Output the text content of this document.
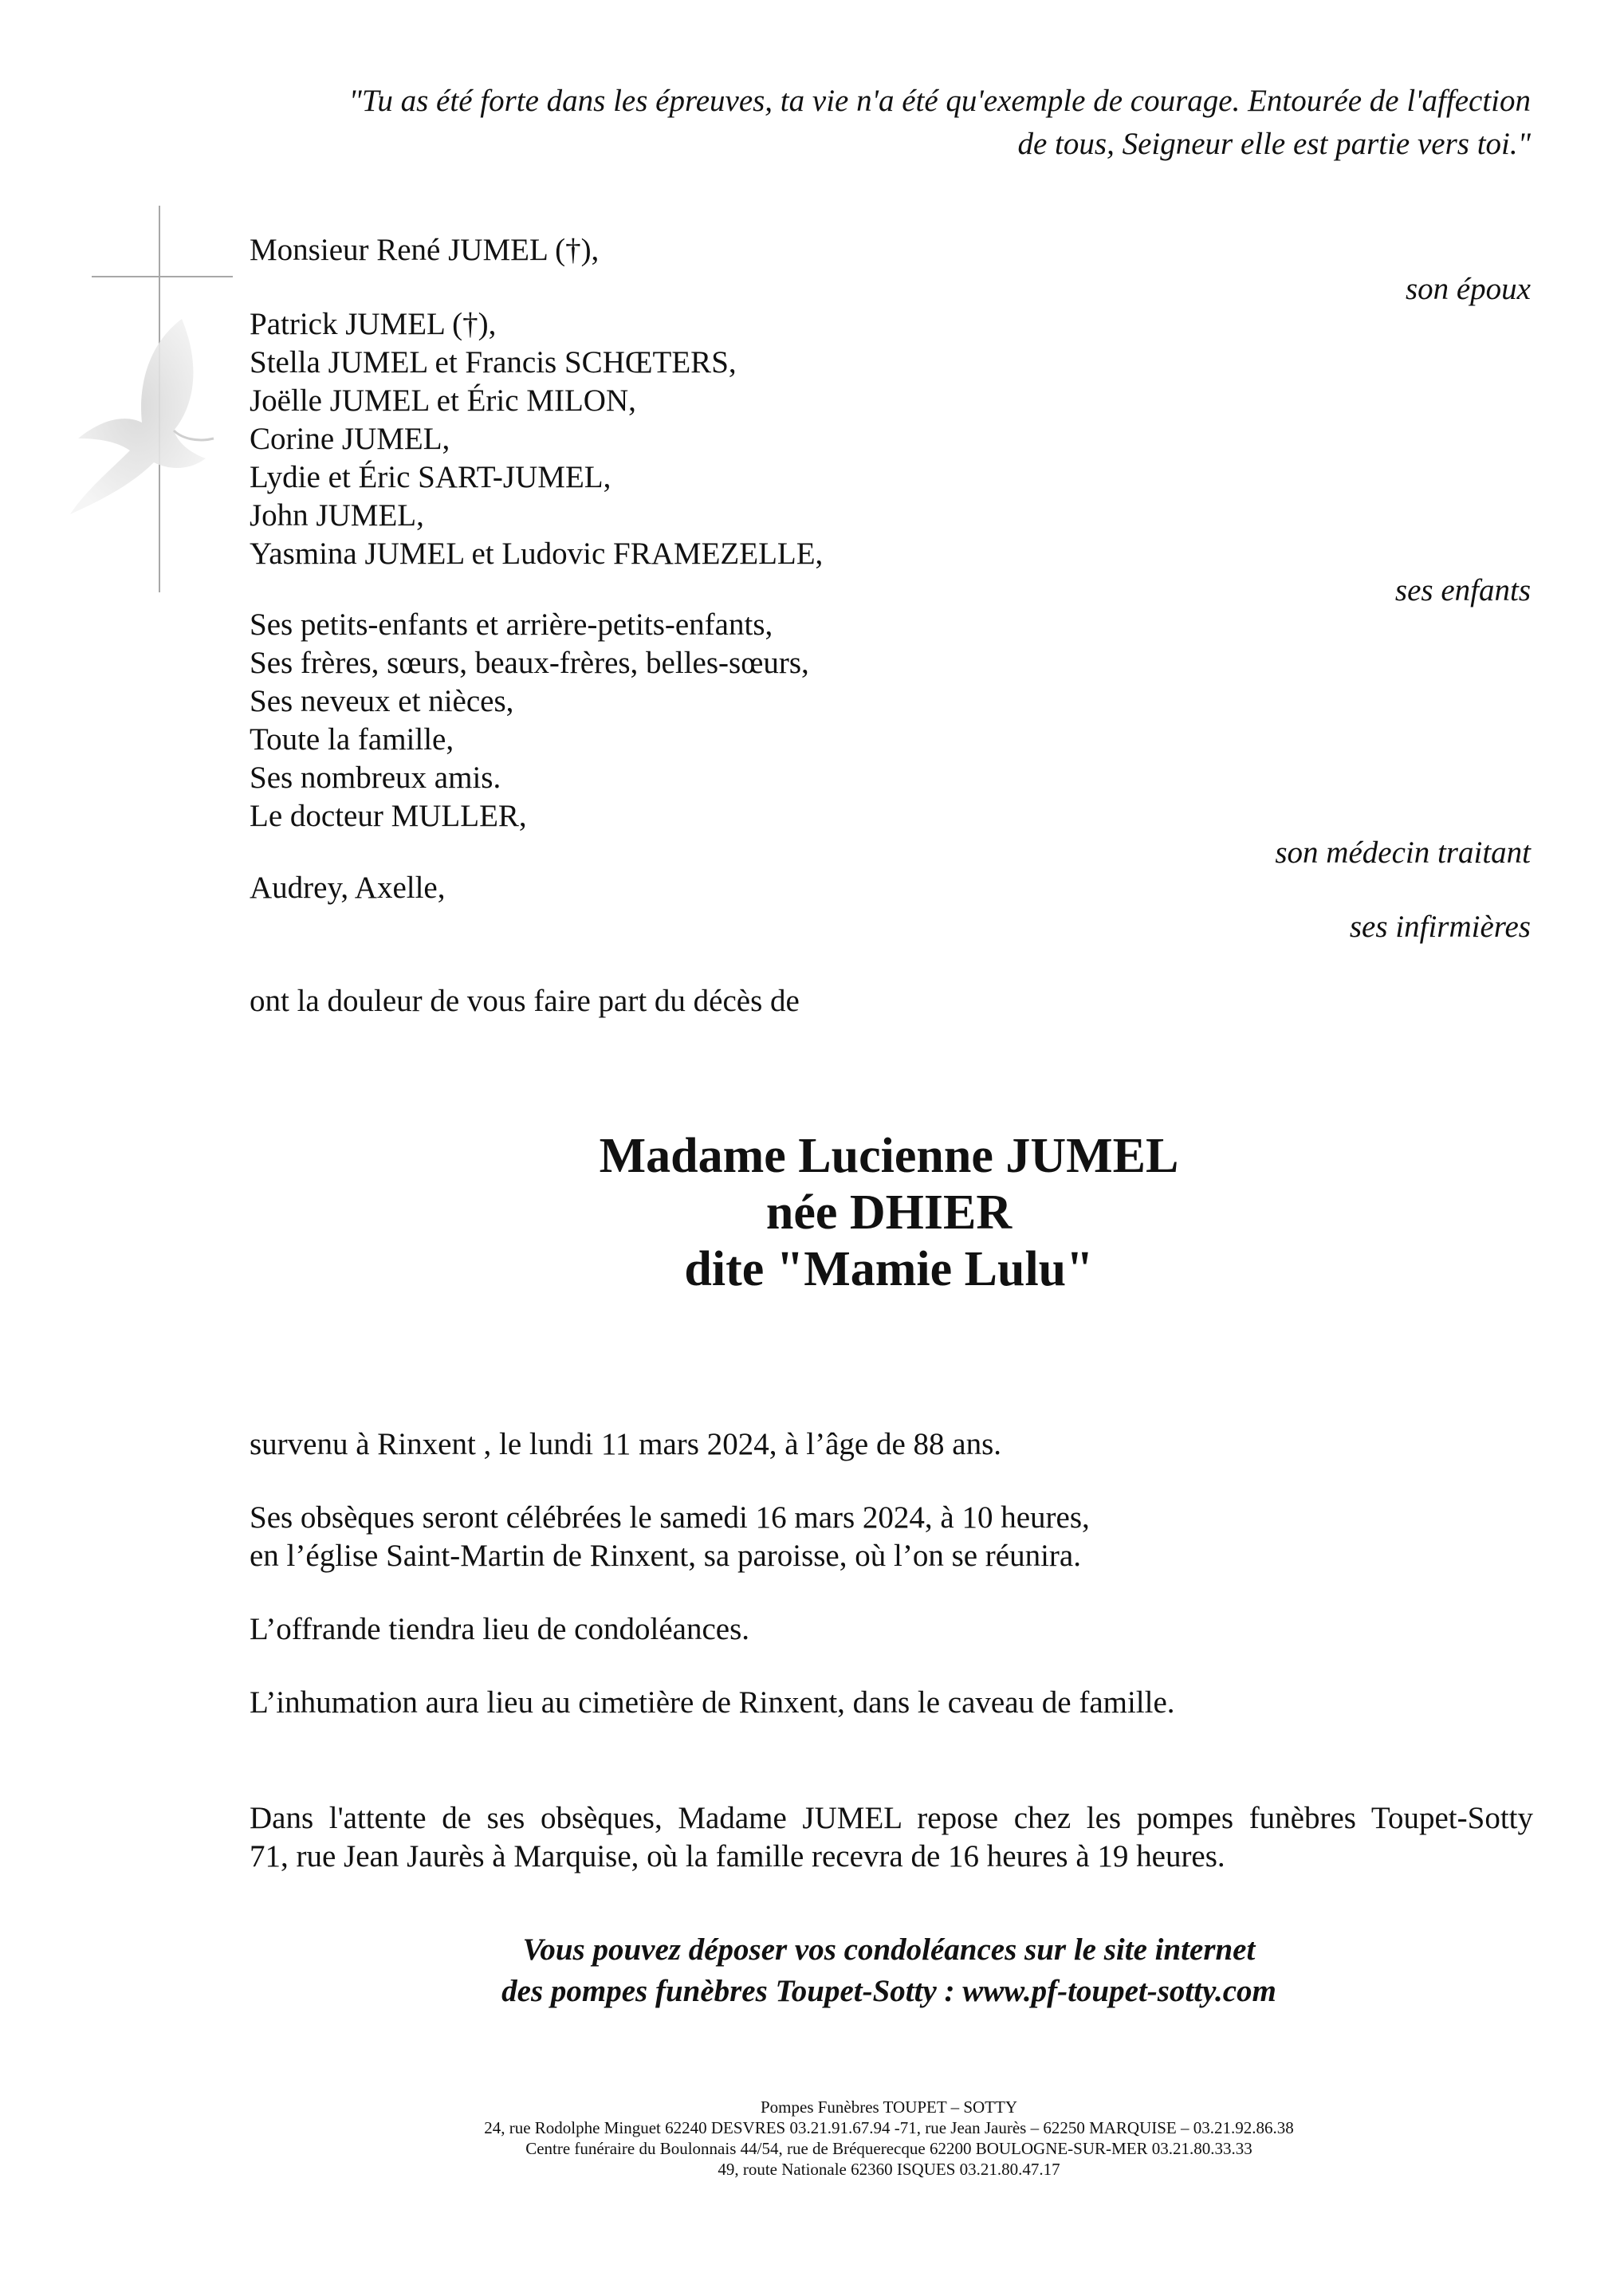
"Tu as été forte dans les épreuves, ta vie n'a été qu'exemple de courage. Entourée de l'affection
de tous, Seigneur elle est partie vers toi."
Monsieur René JUMEL (†),
son époux
Patrick JUMEL (†),
Stella JUMEL et Francis SCHŒTERS,
Joëlle JUMEL et Éric MILON,
Corine JUMEL,
Lydie et Éric SART-JUMEL,
John JUMEL,
Yasmina JUMEL et Ludovic FRAMEZELLE,
ses enfants
Ses petits-enfants et arrière-petits-enfants,
Ses frères, sœurs, beaux-frères, belles-sœurs,
Ses neveux et nièces,
Toute la famille,
Ses nombreux amis.
Le docteur MULLER,
son médecin traitant
Audrey, Axelle,
ses infirmières
ont la douleur de vous faire part du décès de
Madame Lucienne JUMEL
née DHIER
dite "Mamie Lulu"
survenu à Rinxent , le lundi 11 mars 2024, à l’âge de 88 ans.
Ses obsèques seront célébrées le samedi 16 mars 2024, à 10 heures,
en l’église Saint-Martin de Rinxent, sa paroisse, où l’on se réunira.
L’offrande tiendra lieu de condoléances.
L’inhumation aura lieu au cimetière de Rinxent, dans le caveau de famille.
Dans l'attente de ses obsèques, Madame JUMEL repose chez les pompes funèbres Toupet-Sotty
71, rue Jean Jaurès à Marquise, où la famille recevra de 16 heures à 19 heures.
Vous pouvez déposer vos condoléances sur le site internet
des pompes funèbres Toupet-Sotty : www.pf-toupet-sotty.com
Pompes Funèbres TOUPET – SOTTY
24, rue Rodolphe Minguet 62240 DESVRES 03.21.91.67.94 -71, rue Jean Jaurès – 62250 MARQUISE – 03.21.92.86.38
Centre funéraire du Boulonnais 44/54, rue de Bréquerecque 62200 BOULOGNE-SUR-MER 03.21.80.33.33
49, route Nationale 62360 ISQUES 03.21.80.47.17
